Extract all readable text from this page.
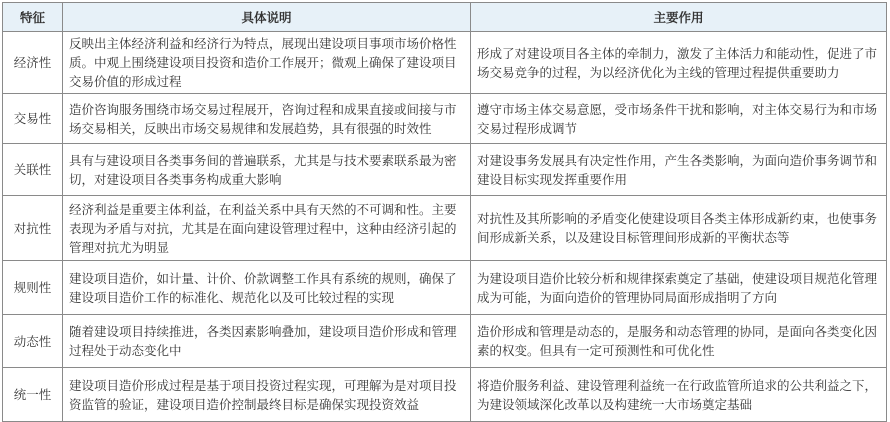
特征	具体说明	主要作用
经济性	反映出主体经济利益和经济行为特点，展现出建设项目事项市场价格性质。中观上围绕建设项目投资和造价工作展开；微观上确保了建设项目交易价值的形成过程	形成了对建设项目各主体的牵制力，激发了主体活力和能动性，促进了市场交易竞争的过程，为以经济优化为主线的管理过程提供重要助力
交易性	造价咨询服务围绕市场交易过程展开，咨询过程和成果直接或间接与市场交易相关，反映出市场交易规律和发展趋势，具有很强的时效性	遵守市场主体交易意愿，受市场条件干扰和影响，对主体交易行为和市场交易过程形成调节
关联性	具有与建设项目各类事务间的普遍联系，尤其是与技术要素联系最为密切，对建设项目各类事务构成重大影响	对建设事务发展具有决定性作用，产生各类影响，为面向造价事务调节和建设目标实现发挥重要作用
对抗性	经济利益是重要主体利益，在利益关系中具有天然的不可调和性。主要表现为矛盾与对抗，尤其是在面向建设管理过程中，这种由经济引起的管理对抗尤为明显	对抗性及其所影响的矛盾变化使建设项目各类主体形成新约束，也使事务间形成新关系，以及建设目标管理间形成新的平衡状态等
规则性	建设项目造价，如计量、计价、价款调整工作具有系统的规则，确保了建设项目造价工作的标准化、规范化以及可比较过程的实现	为建设项目造价比较分析和规律探索奠定了基础，使建设项目规范化管理成为可能，为面向造价的管理协同局面形成指明了方向
动态性	随着建设项目持续推进，各类因素影响叠加，建设项目造价形成和管理过程处于动态变化中	造价形成和管理是动态的，是服务和动态管理的协同，是面向各类变化因素的权变。但具有一定可预测性和可优化性
统一性	建设项目造价形成过程是基于项目投资过程实现，可理解为是对项目投资监管的验证，建设项目造价控制最终目标是确保实现投资效益	将造价服务利益、建设管理利益统一在行政监管所追求的公共利益之下，为建设领域深化改革以及构建统一大市场奠定基础
